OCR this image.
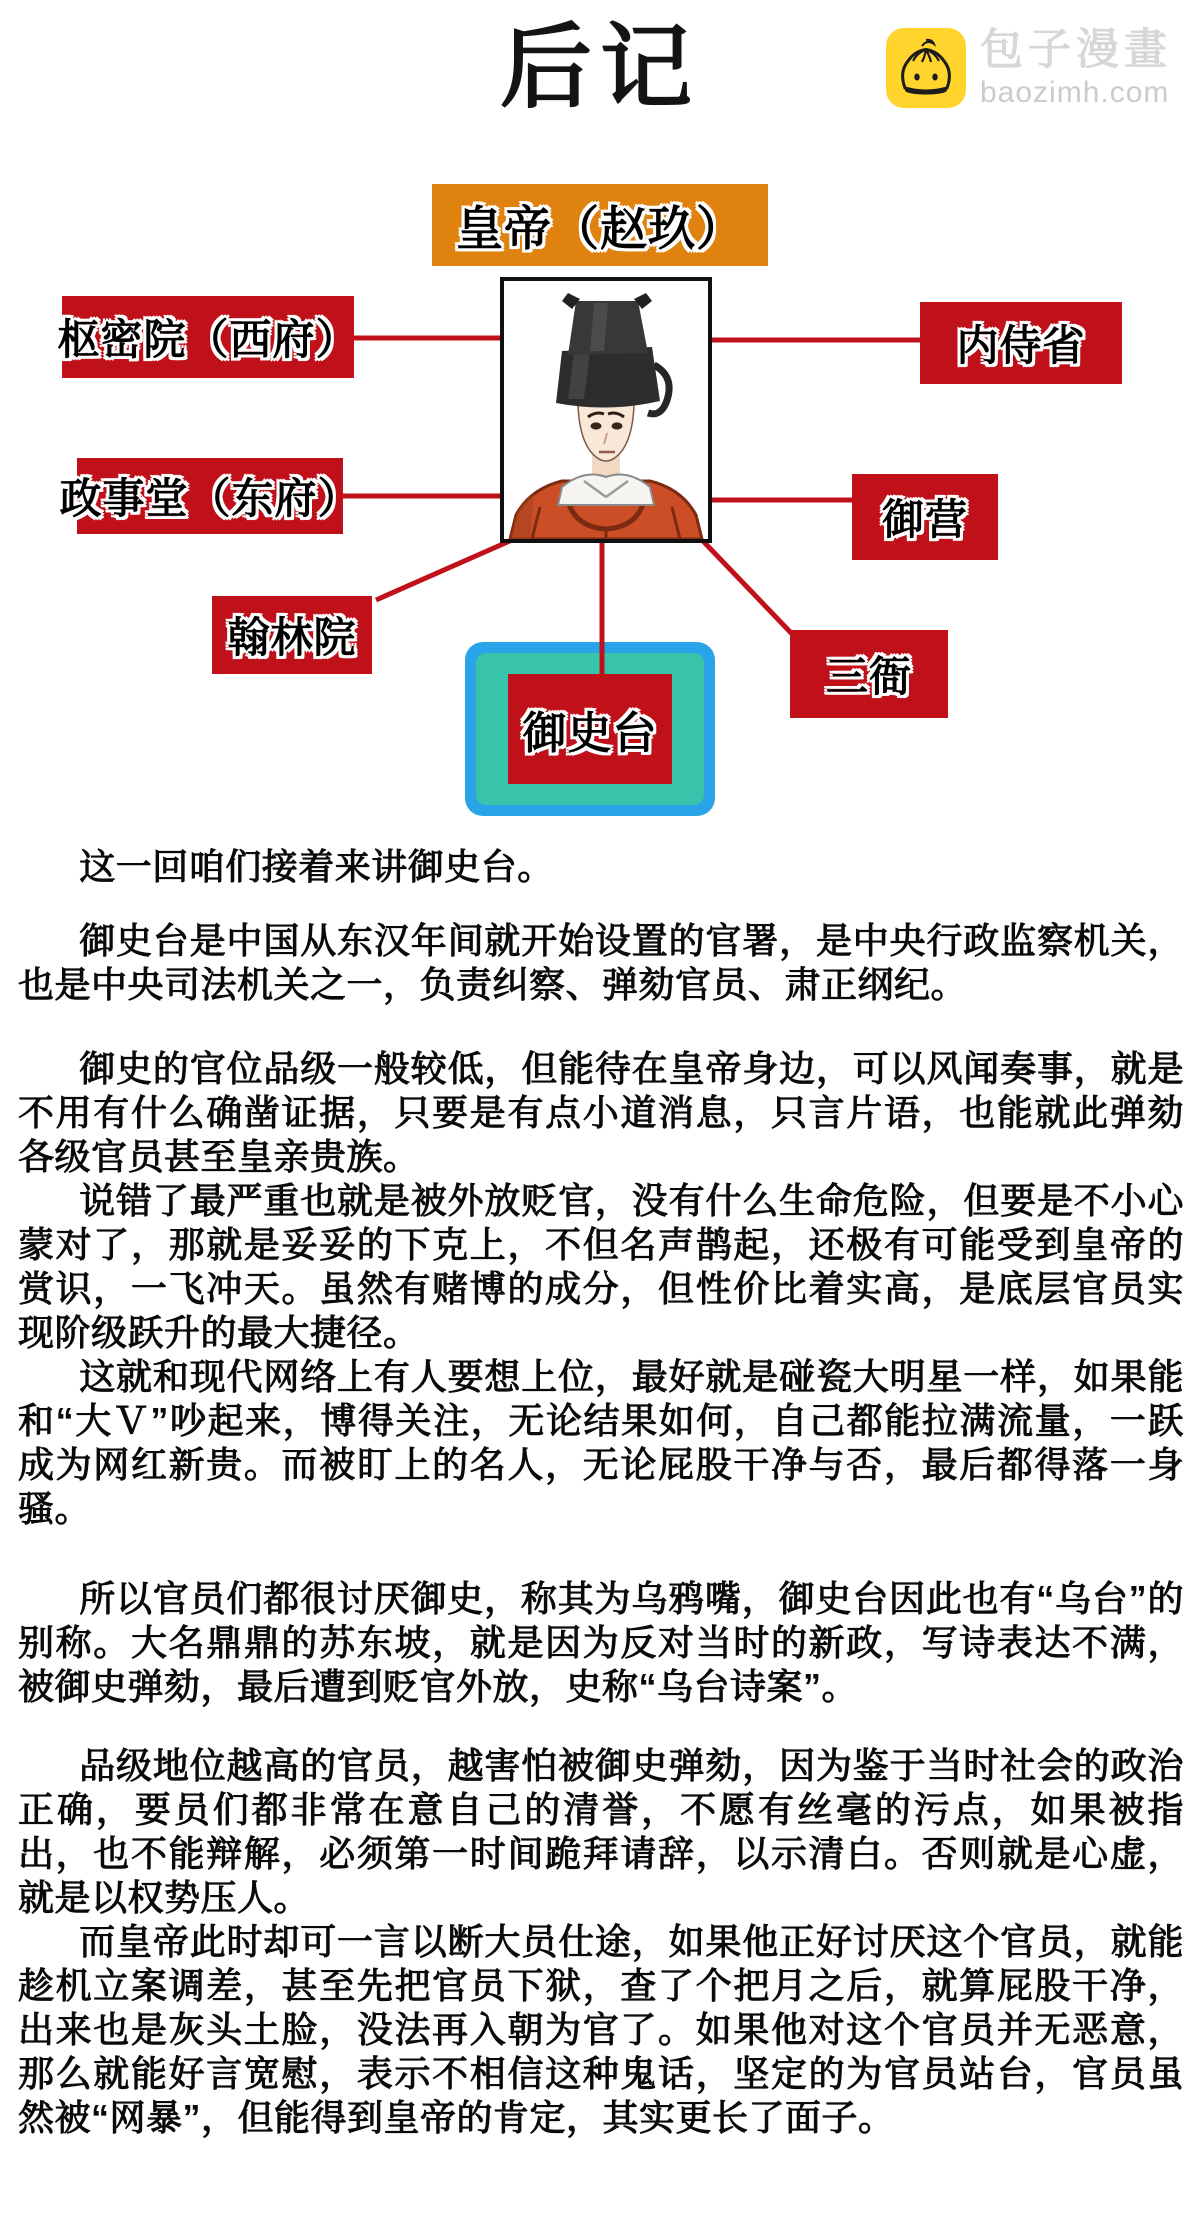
后记	包子漫畫
baozimh.com
皇帝（赵玖）
枢密院（西府）
政事堂（东府）
翰林院
内侍省
御营
三衙
御史台

这一回咱们接着来讲御史台。

御史台是中国从东汉年间就开始设置的官署，是中央行政监察机关，也是中央司法机关之一，负责纠察、弹劾官员、肃正纲纪。

御史的官位品级一般较低，但能待在皇帝身边，可以风闻奏事，就是不用有什么确凿证据，只要是有点小道消息，只言片语，也能就此弹劾各级官员甚至皇亲贵族。

说错了最严重也就是被外放贬官，没有什么生命危险，但要是不小心蒙对了，那就是妥妥的下克上，不但名声鹊起，还极有可能受到皇帝的赏识，一飞冲天。虽然有赌博的成分，但性价比着实高，是底层官员实现阶级跃升的最大捷径。

这就和现代网络上有人要想上位，最好就是碰瓷大明星一样，如果能和“大Ｖ”吵起来，博得关注，无论结果如何，自己都能拉满流量，一跃成为网红新贵。而被盯上的名人，无论屁股干净与否，最后都得落一身骚。

所以官员们都很讨厌御史，称其为乌鸦嘴，御史台因此也有“乌台”的别称。大名鼎鼎的苏东坡，就是因为反对当时的新政，写诗表达不满，被御史弹劾，最后遭到贬官外放，史称“乌台诗案”。

品级地位越高的官员，越害怕被御史弹劾，因为鉴于当时社会的政治正确，要员们都非常在意自己的清誉，不愿有丝毫的污点，如果被指出，也不能辩解，必须第一时间跪拜请辞，以示清白。否则就是心虚，就是以权势压人。

而皇帝此时却可一言以断大员仕途，如果他正好讨厌这个官员，就能趁机立案调差，甚至先把官员下狱，查了个把月之后，就算屁股干净，出来也是灰头土脸，没法再入朝为官了。如果他对这个官员并无恶意，那么就能好言宽慰，表示不相信这种鬼话，坚定的为官员站台，官员虽然被“网暴”，但能得到皇帝的肯定，其实更长了面子。
